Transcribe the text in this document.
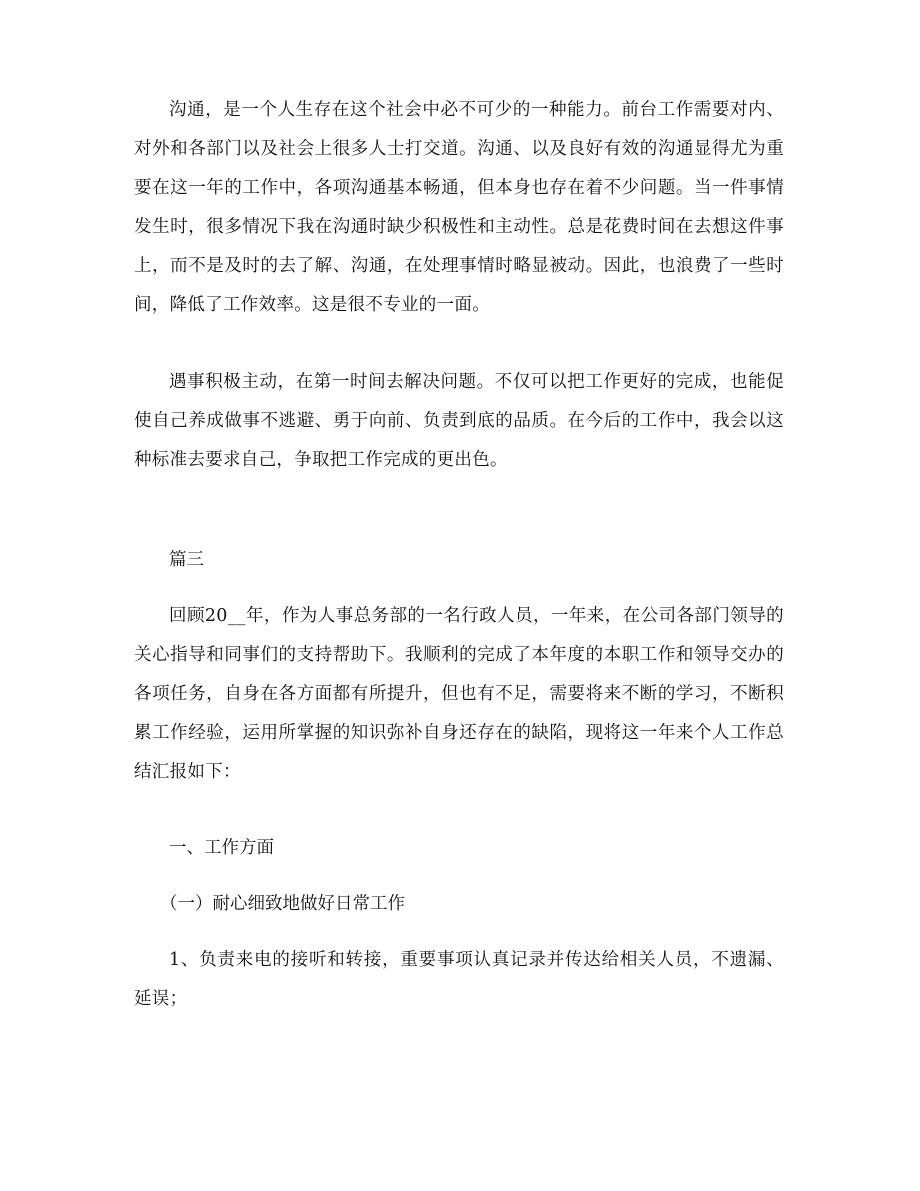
沟通，是一个人生存在这个社会中必不可少的一种能力。前台工作需要对内、对外和各部门以及社会上很多人士打交道。沟通、以及良好有效的沟通显得尤为重要在这一年的工作中，各项沟通基本畅通，但本身也存在着不少问题。当一件事情发生时，很多情况下我在沟通时缺少积极性和主动性。总是花费时间在去想这件事上，而不是及时的去了解、沟通，在处理事情时略显被动。因此，也浪费了一些时间，降低了工作效率。这是很不专业的一面。

遇事积极主动，在第一时间去解决问题。不仅可以把工作更好的完成，也能促使自己养成做事不逃避、勇于向前、负责到底的品质。在今后的工作中，我会以这种标准去要求自己，争取把工作完成的更出色。

篇三

回顾20__年，作为人事总务部的一名行政人员，一年来，在公司各部门领导的关心指导和同事们的支持帮助下。我顺利的完成了本年度的本职工作和领导交办的各项任务，自身在各方面都有所提升，但也有不足，需要将来不断的学习，不断积累工作经验，运用所掌握的知识弥补自身还存在的缺陷，现将这一年来个人工作总结汇报如下：

一、工作方面

（一）耐心细致地做好日常工作

1、负责来电的接听和转接，重要事项认真记录并传达给相关人员，不遗漏、延误；
